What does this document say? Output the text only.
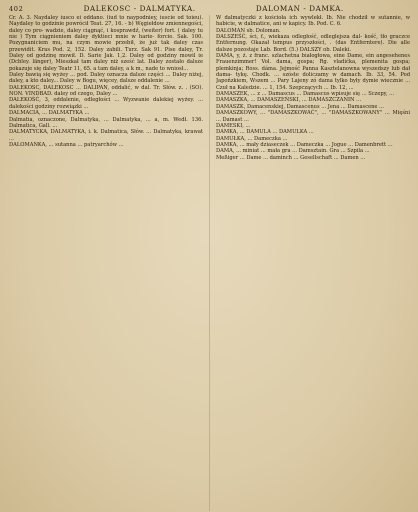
402	DALEKOSC - DALMATYKA.	DALOMAN - DAMKA.

Cr. A. 3. Naydaley iusco ei oddano. (iud to naypodniey, iuscie od toieu). Naydaley to godzinie powrócił Teat. 27, 16. - b) Węgiełdow zmiennegości, daley co pro- wadzie, daley ciągnąć, i kosprawdź, (weiter) fort. ( daley tu nie ) Tym ciągnieniem daley dyktieci mnie w harie- forcie. Sak. 100. Pozygnaniciem mu, na czym mowie przebił, że już tak daley czas przewidit. Kras Pod. 2, 152. Daley zabili. Turz. Sak 91. Pise daley, Tr. Daley od godzinę mowił. D. Sarie Jak. 1,2. Daley od godziny mowil ie (Dcbley. länger), Mieszkał tam daley niż sześć lat. Daley zostało dalsze pokazuje się daley Teatr 11, 65. a tam daley, a k m., nade to wniosł...

Daley bawią się wyżey ... pod. Daley oznacza dalsze części ... Daley niżej, daley, a kto daley... Daley w Bogu, więcey, dalsze oddalenie ...

DALEKOSC, DALEKOSC ... DALIPAN, oddalić, w dal. Tr. Słów. z. . (SO). NON. VINDBAD. daley od czego, Daley ...

DALEKOŚĆ, 3, oddalenie, odległości ... Wyzwanie dalekiej wyżey. ... dalekości godziny rozwiązki ...

DALMACIA, ... DALMATYKA ...

Dalmatia, oznaczone, Dalmatyka, ... Dalmatyka, ... a, m. Wedł. 136. Dalmatica, Gall. ...

DALMATYCKA, DALMATYKA, i. k. Dalmatica, Słów. ... Dalmatyka, krawat ...

DALOMANKA, ... sutanna ... patryarchów ...

W dalmatyczki z kościoła ich wywlekł. Ib. Nie chodził w sutannie, w habicie, w dalmatice, ani w kapicy. Ib. Pod. C. 6.

DALOMAN sb. Doloman.

DALSZEŚĆ, ści, f., wiekaza odległość, odleglejsza dal- kość, tło graczce Entfernung. Okazał tempus przyszłości, . (das Entferntere). Die alle dalsze pozostaje Lab. Bord. (5.) DALSZY ob. Daleki.

DAMA, y, ż. z franc. szlachetna białogłowa, eine Dame, ein angesehenes Frauenzimmer! Vol. dama, gospa; Rg. vladićka, plemenita gospa; plemkinja; Ross. dáma. Jejmość Panna Kasztelanowna wyszedszy lub dał dama- tykę. Chodk. ... szóste doliczamy w damach. Ib. 33, 54. Pod Japońzkiem, Wszem ... Pary Lajeny zó dama tylko były dymie wiecznie ... Czuł na Kaledzie. ... 1, 154. Szepczących ... Ib. 12, ...

DAMASZEK, ... z ... Damascus ... Damascus wpisuje się ... Sczepy, ...

DAMASZKA, ... DAMASZEŃSKI, ... DAMASZCZANIN ...

DAMASZK, Damacenskiej, Damascenus ... Jena ... Damascene ...

DAMASZKOWY, ... "DAMASZKOWAĆ", ... "DAMASZKOWANY" ... Mięśni ... Damast ...

DAMESKI, ...

DAMKA, ... DAMULA ... DAMULKA ...

DAMUŁKA, ... Dameczka ...

DAMKA, ... mały dziaseczek ... Dameczka ... Jogue ... Damenbrett ...

DAMA, ... miniat ... mała gra ... Damsztain. Gra ... Szpila ...

Meßiger ... Dame ... daminch ... Gesellschaft ... Damen ...
